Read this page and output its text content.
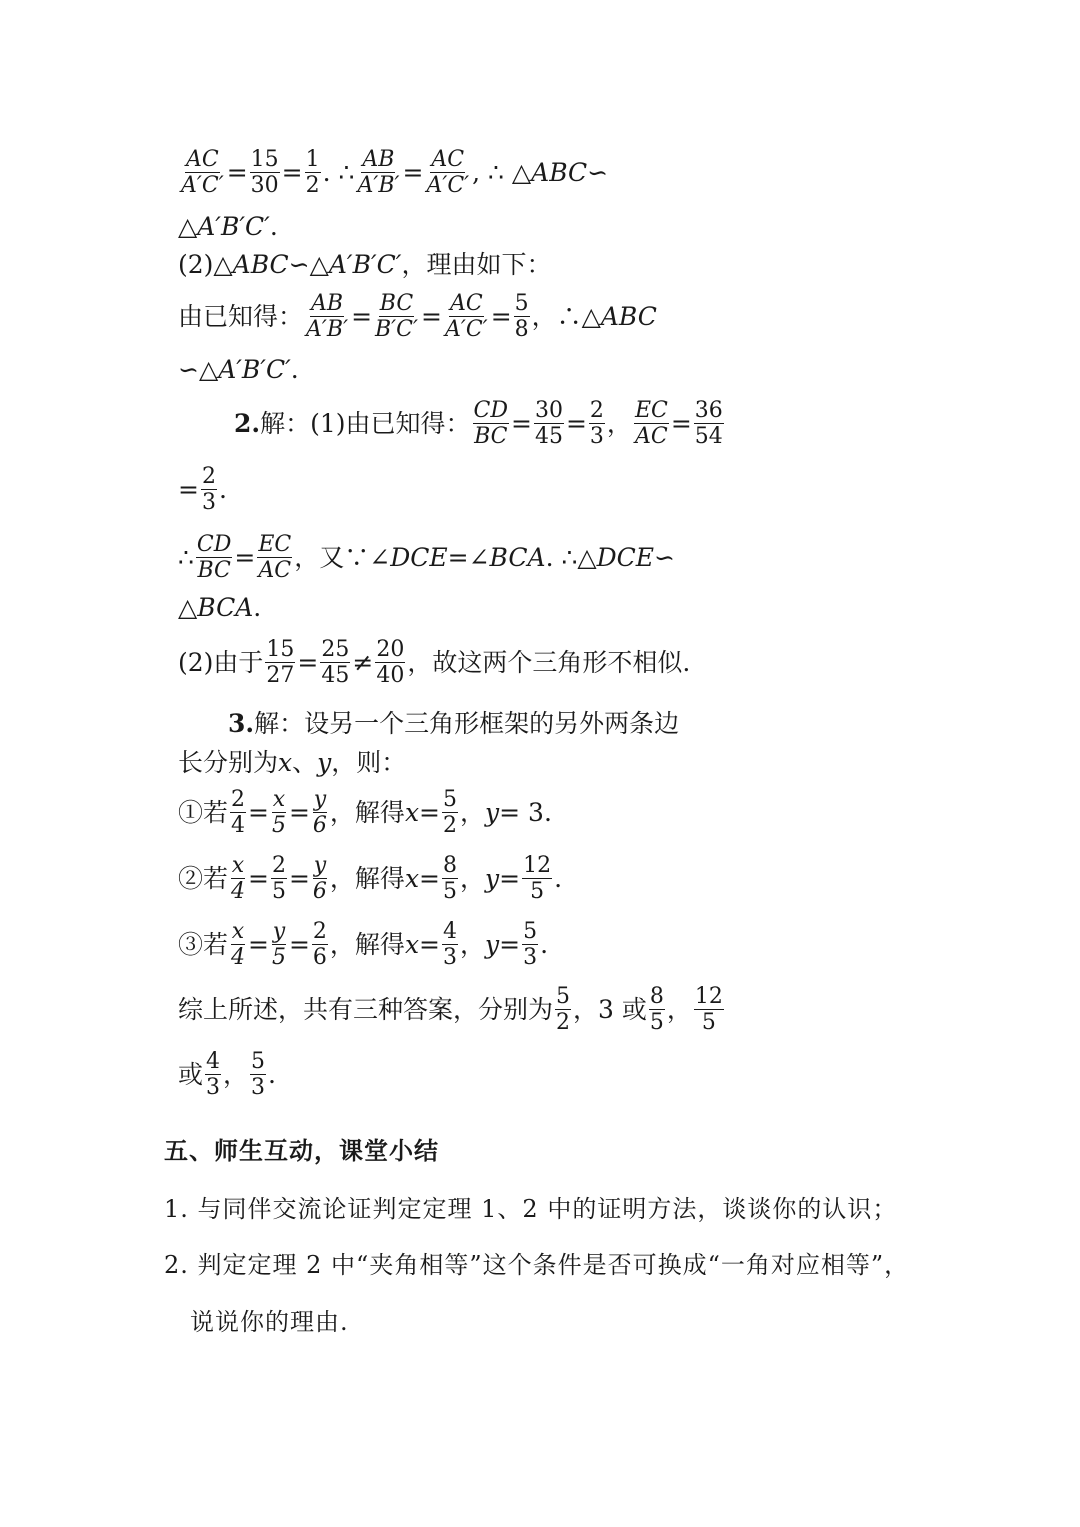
$\frac{AC}{A'C'} = \frac{15}{30} = \frac{1}{2}$ . ∴ $\frac{AB}{A'B'} = \frac{AC}{A'C'}$ , ∴ △ ABC∽
△ A′B′C′ .
(2)△ ABC ∽△ A′B′C′ ，理由如下：
由已知得： $\frac{AB}{A'B'} = \frac{BC}{B'C'} = \frac{AC}{A'C'} = \frac{5}{8}$ ，∴△ ABC
∽△ A′B′C′ .
2. 解：(1)由已知得： $\frac{CD}{BC} = \frac{30}{45} = \frac{2}{3}$ ， $\frac{EC}{AC} = \frac{36}{54}$
= $\frac{2}{3}$ .
∴ $\frac{CD}{BC} = \frac{EC}{AC}$ ，又∵∠ DCE =∠ BCA . ∴△ DCE∽
△ BCA .
(2)由于 $\frac{15}{27} = \frac{25}{45} \ne \frac{20}{40}$ ，故这两个三角形不相似.
3. 解：设另一个三角形框架的另外两条边
长分别为 x 、 y ，则：
①若 $\frac{2}{4} = \frac{x}{5} = \frac{y}{6}$ ，解得 $x = \frac{5}{2}$ ， y = 3.
②若 $\frac{x}{4} = \frac{2}{5} = \frac{y}{6}$ ，解得 $x = \frac{8}{5}$ ， $y = \frac{12}{5}$ .
③若 $\frac{x}{4} = \frac{y}{5} = \frac{2}{6}$ ，解得 $x = \frac{4}{3}$ ， $y = \frac{5}{3}$ .
综上所述，共有三种答案，分别为 $\frac{5}{2}$ ，3 或 $\frac{8}{5}$ ， $\frac{12}{5}$
或 $\frac{4}{3}$ ， $\frac{5}{3}$ .
五、师生互动，课堂小结
1. 与同伴交流论证判定定理 1、2 中的证明方法，谈谈你的认识；
2. 判定定理 2 中“夹角相等”这个条件是否可换成“一角对应相等”，
说说你的理由.
